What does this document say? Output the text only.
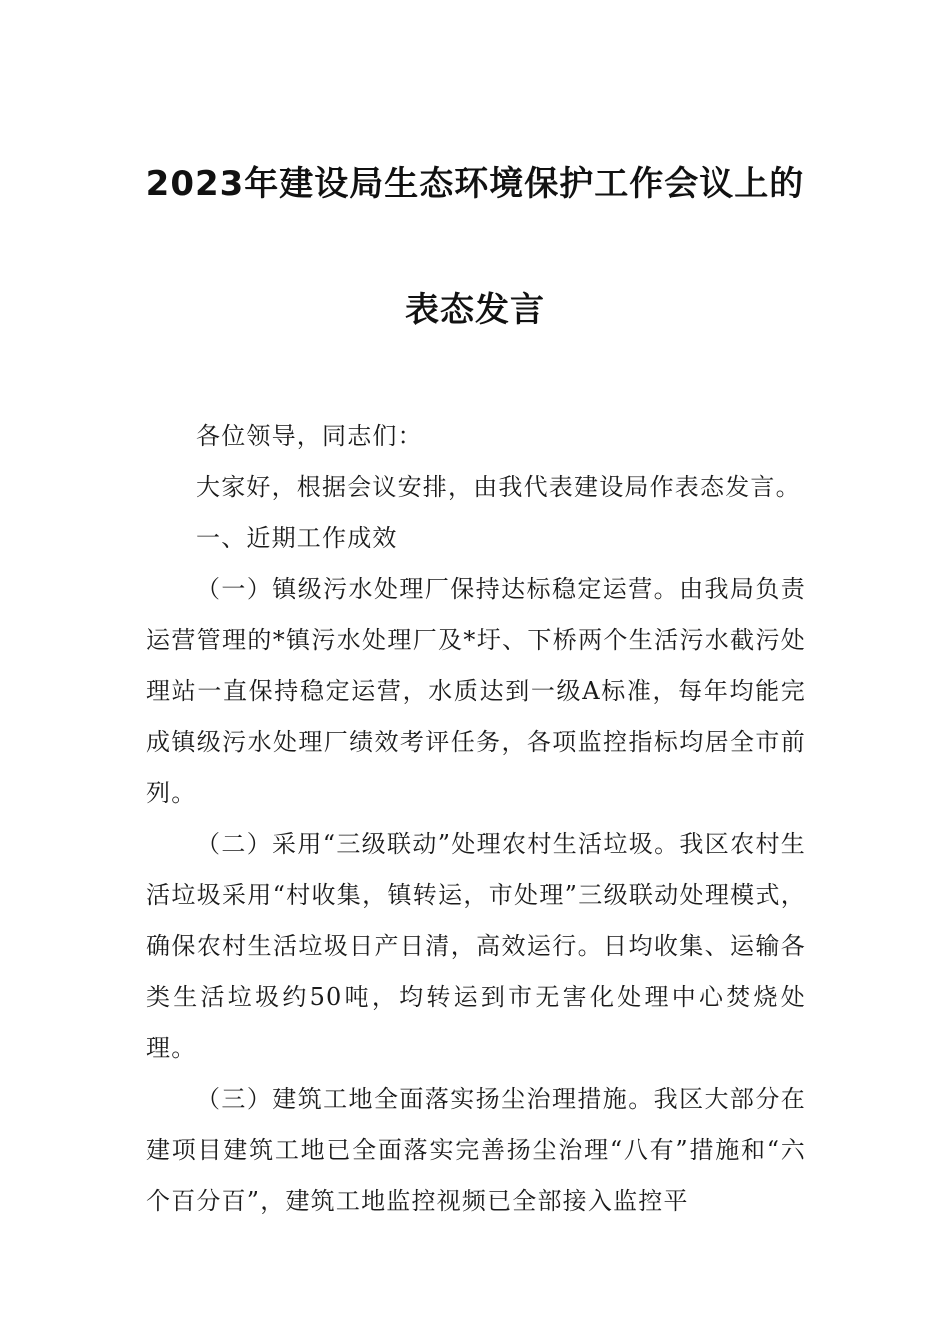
2023年建设局生态环境保护工作会议上的
表态发言

各位领导，同志们：

大家好，根据会议安排，由我代表建设局作表态发言。

一、近期工作成效

（一）镇级污水处理厂保持达标稳定运营。由我局负责运营管理的*镇污水处理厂及*圩、下桥两个生活污水截污处理站一直保持稳定运营，水质达到一级A标准，每年均能完成镇级污水处理厂绩效考评任务，各项监控指标均居全市前列。

（二）采用“三级联动”处理农村生活垃圾。我区农村生活垃圾采用“村收集，镇转运，市处理”三级联动处理模式，确保农村生活垃圾日产日清，高效运行。日均收集、运输各类生活垃圾约50吨，均转运到市无害化处理中心焚烧处理。

（三）建筑工地全面落实扬尘治理措施。我区大部分在建项目建筑工地已全面落实完善扬尘治理“八有”措施和“六个百分百”，建筑工地监控视频已全部接入监控平
